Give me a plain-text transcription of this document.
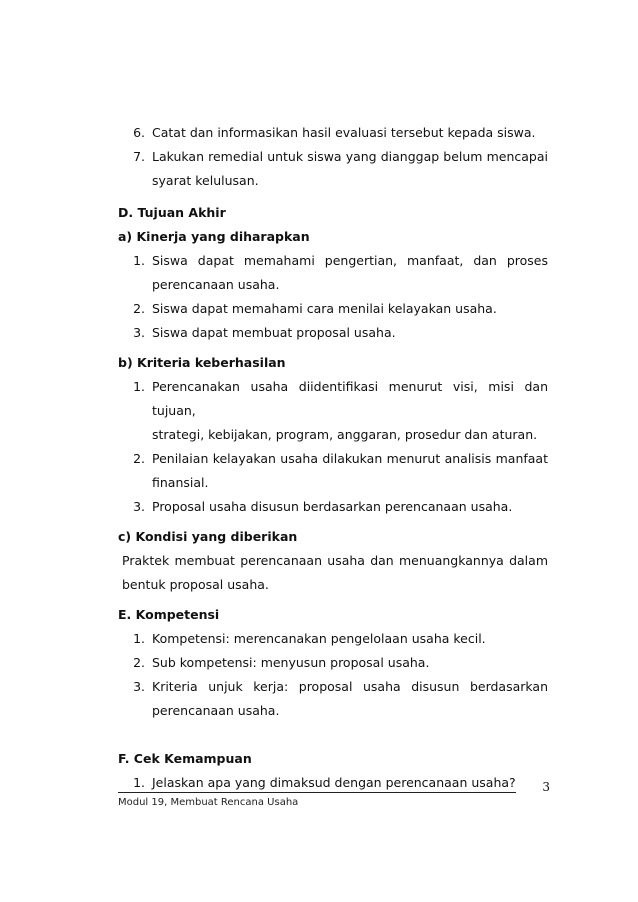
6. Catat dan informasikan hasil evaluasi tersebut kepada siswa.
7. Lakukan remedial untuk siswa yang dianggap belum mencapai
syarat kelulusan.
D. Tujuan Akhir
a) Kinerja yang diharapkan
1. Siswa dapat memahami pengertian, manfaat, dan proses
perencanaan usaha.
2. Siswa dapat memahami cara menilai kelayakan usaha.
3. Siswa dapat membuat proposal usaha.
b) Kriteria keberhasilan
1. Perencanakan usaha diidentifikasi menurut visi, misi dan tujuan,
strategi, kebijakan, program, anggaran, prosedur dan aturan.
2. Penilaian kelayakan usaha dilakukan menurut analisis manfaat
finansial.
3. Proposal usaha disusun berdasarkan perencanaan usaha.
c) Kondisi yang diberikan
Praktek membuat perencanaan usaha dan menuangkannya dalam
bentuk proposal usaha.
E. Kompetensi
1. Kompetensi: merencanakan pengelolaan usaha kecil.
2. Sub kompetensi: menyusun proposal usaha.
3. Kriteria unjuk kerja: proposal usaha disusun berdasarkan
perencanaan usaha.
F. Cek Kemampuan
1. Jelaskan apa yang dimaksud dengan perencanaan usaha?	3
Modul 19, Membuat Rencana Usaha
